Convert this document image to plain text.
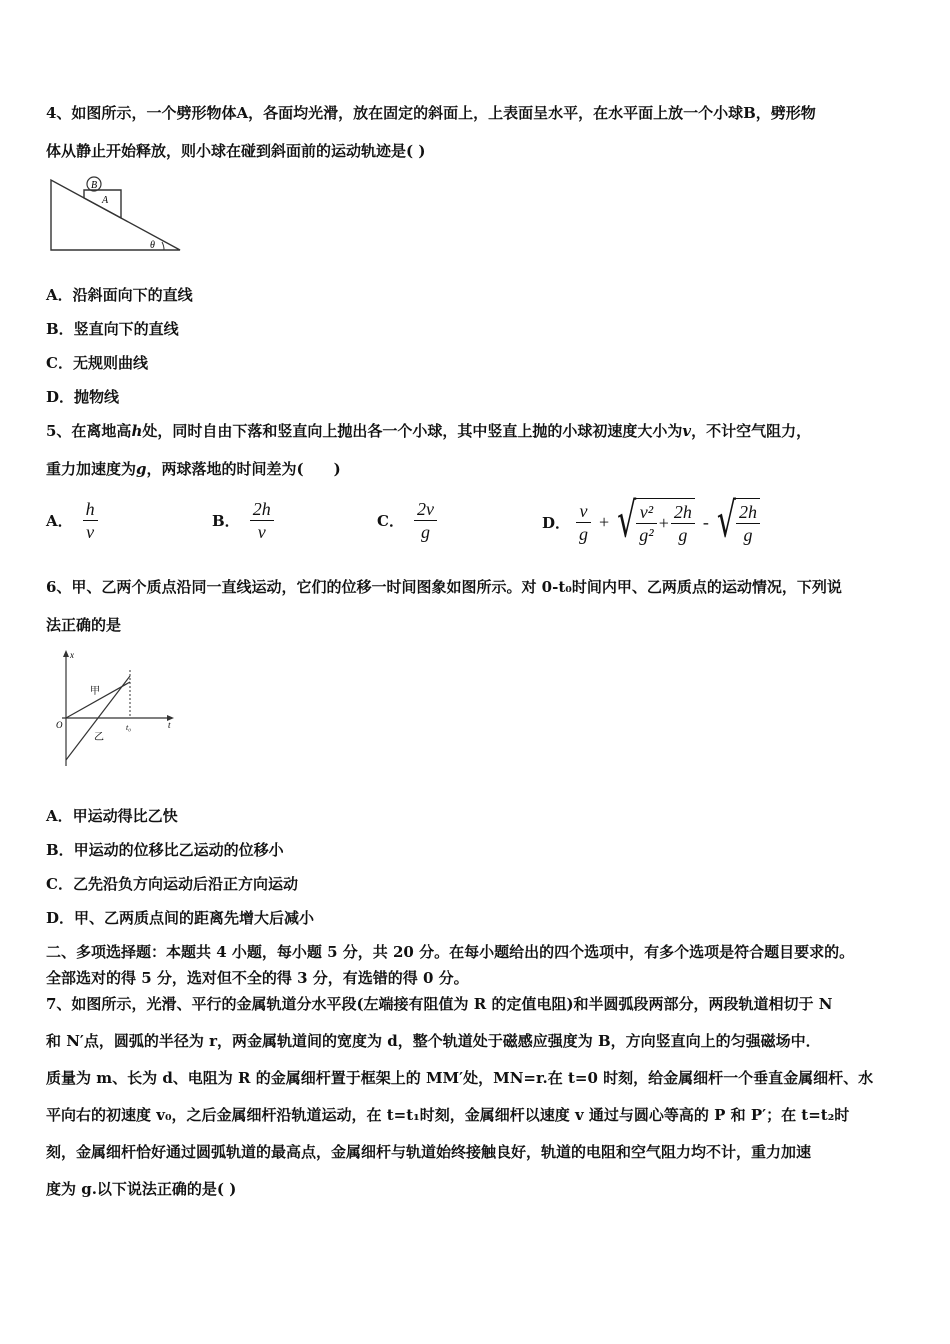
4、如图所示，一个劈形物体A，各面均光滑，放在固定的斜面上，上表面呈水平，在水平面上放一个小球B，劈形物
体从静止开始释放，则小球在碰到斜面前的运动轨迹是( )
B
A
θ
A．沿斜面向下的直线
B．竖直向下的直线
C．无规则曲线
D．抛物线
5、在离地高h处，同时自由下落和竖直向上抛出各一个小球，其中竖直上抛的小球初速度大小为v，不计空气阻力，
重力加速度为g，两球落地的时间差为(　　)
A． $\frac{h}{v}$	B． $\frac{2h}{v}$	C． $\frac{2v}{g}$	D． $\frac{v}{g}$ + √ $\frac{\text{v²}}{\text{g²}} + \frac{2h}{g}$ - √ $\frac{2h}{g}$
6、甲、乙两个质点沿同一直线运动，它们的位移一时间图象如图所示。对 0-t₀时间内甲、乙两质点的运动情况，下列说
法正确的是
x
t
O	t₀
甲
乙
A．甲运动得比乙快
B．甲运动的位移比乙运动的位移小
C．乙先沿负方向运动后沿正方向运动
D．甲、乙两质点间的距离先增大后减小
二、多项选择题：本题共 4 小题，每小题 5 分，共 20 分。在每小题给出的四个选项中，有多个选项是符合题目要求的。
全部选对的得 5 分，选对但不全的得 3 分，有选错的得 0 分。
7、如图所示，光滑、平行的金属轨道分水平段(左端接有阻值为 R 的定值电阻)和半圆弧段两部分，两段轨道相切于 N
和 N′点，圆弧的半径为 r，两金属轨道间的宽度为 d，整个轨道处于磁感应强度为 B，方向竖直向上的匀强磁场中．
质量为 m、长为 d、电阻为 R 的金属细杆置于框架上的 MM′处，MN=r.在 t=0 时刻，给金属细杆一个垂直金属细杆、水
平向右的初速度 v₀，之后金属细杆沿轨道运动，在 t=t₁时刻，金属细杆以速度 v 通过与圆心等高的 P 和 P′；在 t=t₂时
刻，金属细杆恰好通过圆弧轨道的最高点，金属细杆与轨道始终接触良好，轨道的电阻和空气阻力均不计，重力加速
度为 g.以下说法正确的是( )
